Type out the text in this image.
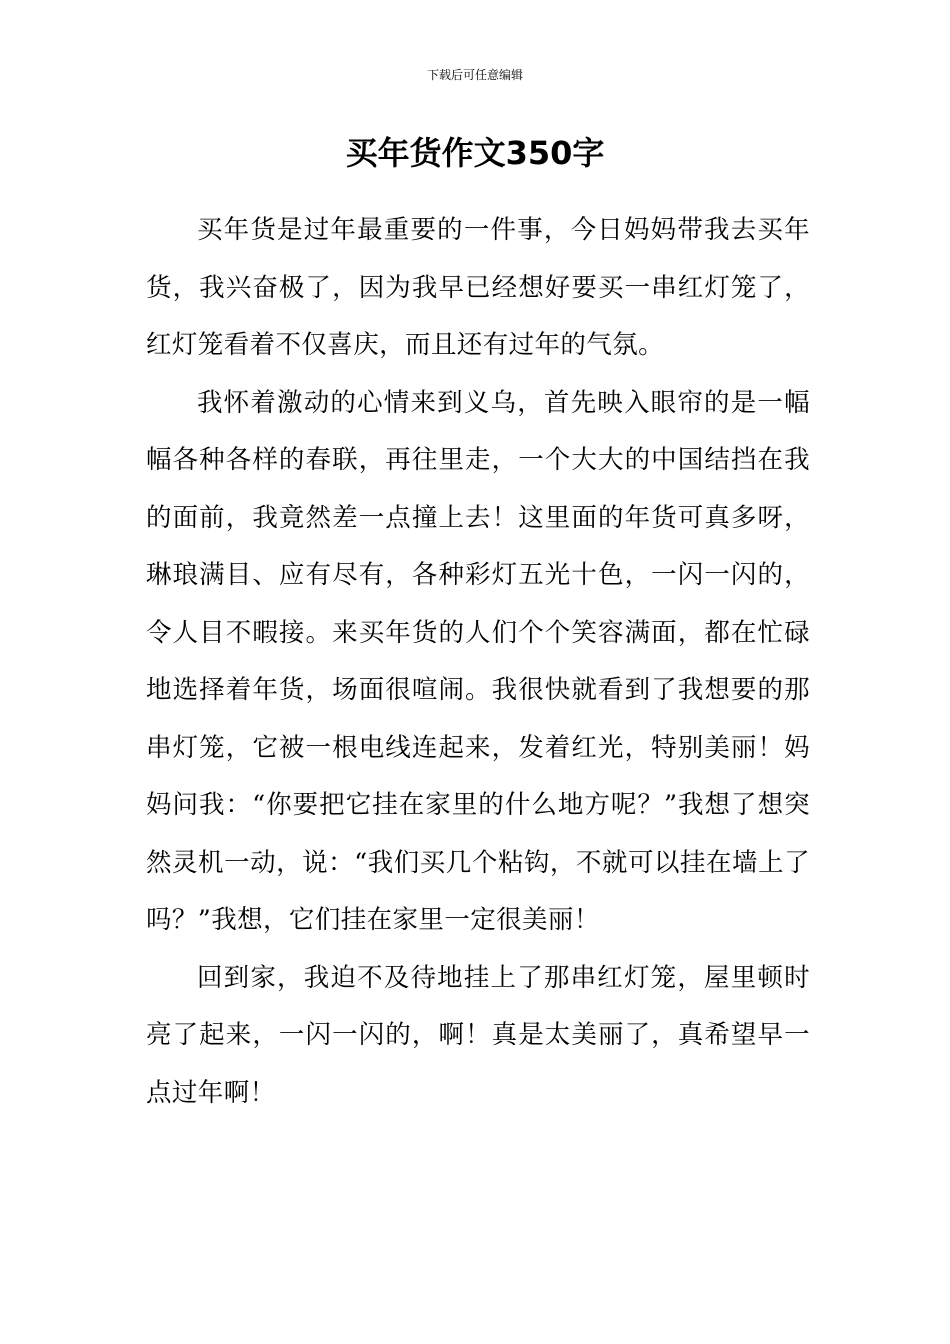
下载后可任意编辑
买年货作文350字

买年货是过年最重要的一件事，今日妈妈带我去买年货，我兴奋极了，因为我早已经想好要买一串红灯笼了，红灯笼看着不仅喜庆，而且还有过年的气氛。

我怀着激动的心情来到义乌，首先映入眼帘的是一幅幅各种各样的春联，再往里走，一个大大的中国结挡在我的面前，我竟然差一点撞上去！这里面的年货可真多呀，琳琅满目、应有尽有，各种彩灯五光十色，一闪一闪的，令人目不暇接。来买年货的人们个个笑容满面，都在忙碌地选择着年货，场面很喧闹。我很快就看到了我想要的那串灯笼，它被一根电线连起来，发着红光，特别美丽！妈妈问我：“你要把它挂在家里的什么地方呢？”我想了想突然灵机一动，说：“我们买几个粘钩，不就可以挂在墙上了吗？”我想，它们挂在家里一定很美丽！

回到家，我迫不及待地挂上了那串红灯笼，屋里顿时亮了起来，一闪一闪的，啊！真是太美丽了，真希望早一点过年啊！
